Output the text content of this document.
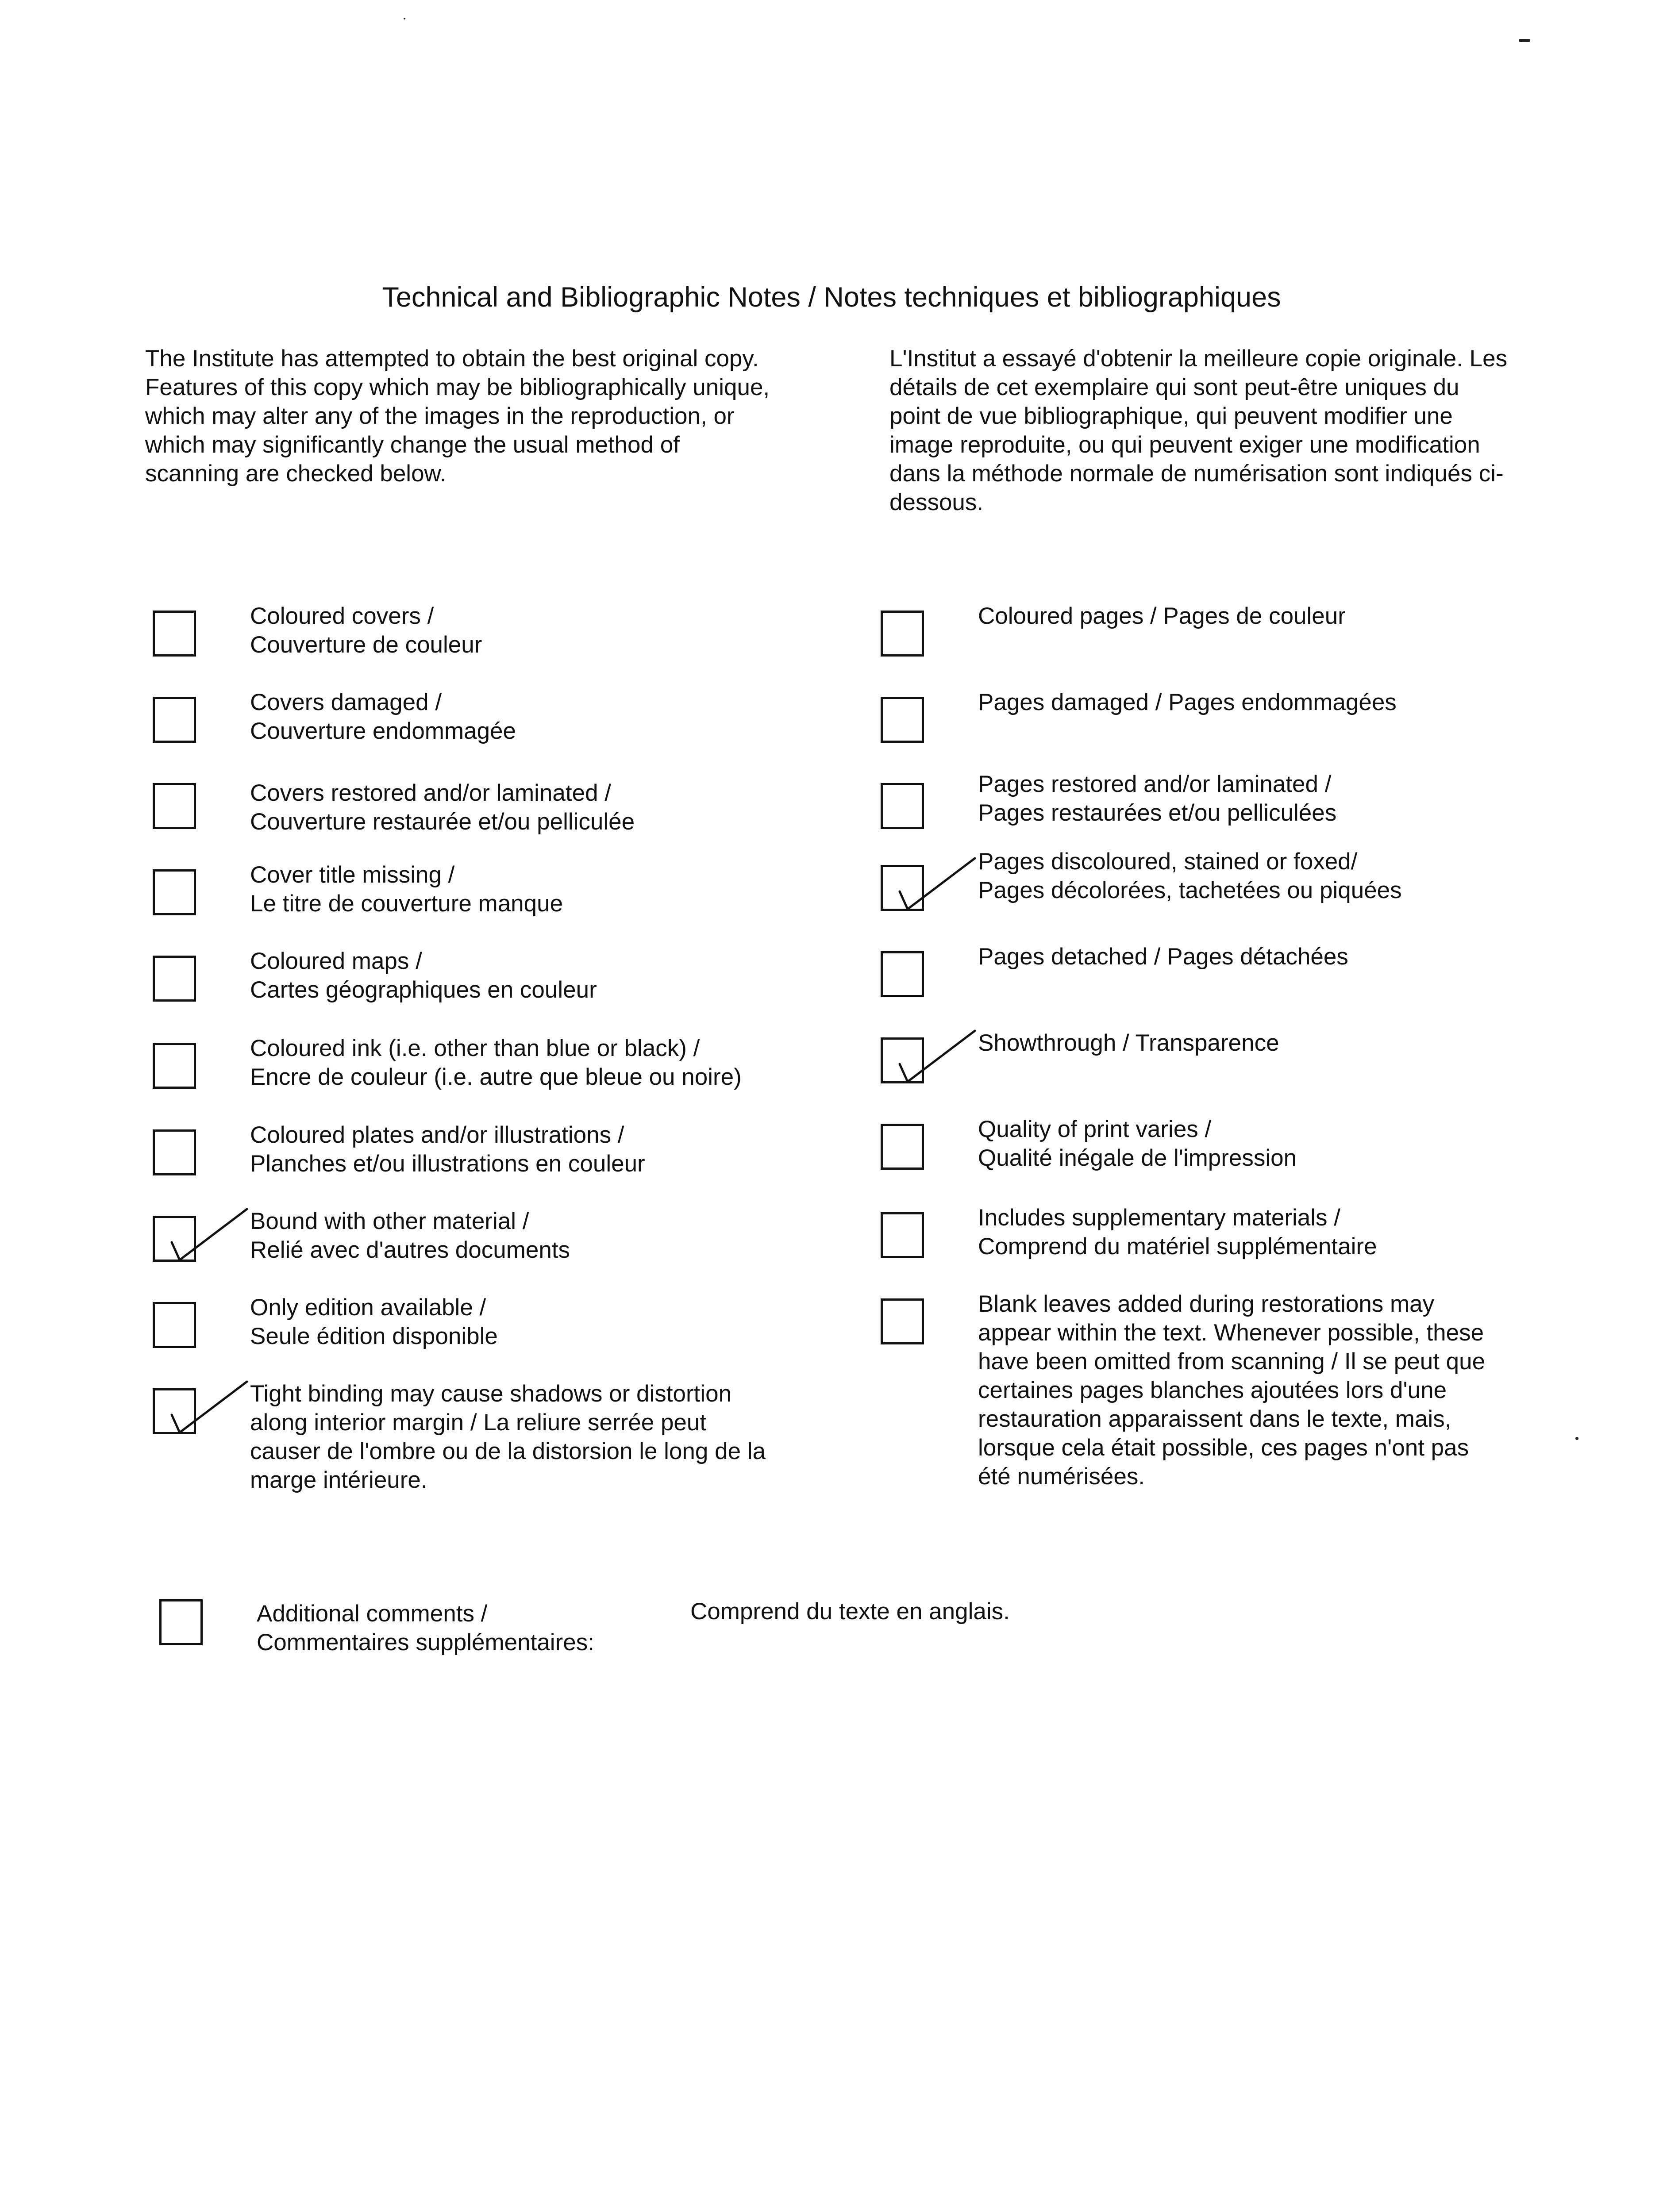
Technical and Bibliographic Notes / Notes techniques et bibliographiques
The Institute has attempted to obtain the best original copy.
Features of this copy which may be bibliographically unique,
which may alter any of the images in the reproduction, or
which may significantly change the usual method of
scanning are checked below.
L'Institut a essayé d'obtenir la meilleure copie originale. Les
détails de cet exemplaire qui sont peut-être uniques du
point de vue bibliographique, qui peuvent modifier une
image reproduite, ou qui peuvent exiger une modification
dans la méthode normale de numérisation sont indiqués ci-
dessous.
Coloured covers /
Couverture de couleur
Covers damaged /
Couverture endommagée
Covers restored and/or laminated /
Couverture restaurée et/ou pelliculée
Cover title missing /
Le titre de couverture manque
Coloured maps /
Cartes géographiques en couleur
Coloured ink (i.e. other than blue or black) /
Encre de couleur (i.e. autre que bleue ou noire)
Coloured plates and/or illustrations /
Planches et/ou illustrations en couleur
Bound with other material /
Relié avec d'autres documents
Only edition available /
Seule édition disponible
Tight binding may cause shadows or distortion
along interior margin / La reliure serrée peut
causer de l'ombre ou de la distorsion le long de la
marge intérieure.
Coloured pages / Pages de couleur
Pages damaged / Pages endommagées
Pages restored and/or laminated /
Pages restaurées et/ou pelliculées
Pages discoloured, stained or foxed/
Pages décolorées, tachetées ou piquées
Pages detached / Pages détachées
Showthrough / Transparence
Quality of print varies /
Qualité inégale de l'impression
Includes supplementary materials /
Comprend du matériel supplémentaire
Blank leaves added during restorations may
appear within the text. Whenever possible, these
have been omitted from scanning / Il se peut que
certaines pages blanches ajoutées lors d'une
restauration apparaissent dans le texte, mais,
lorsque cela était possible, ces pages n'ont pas
été numérisées.
Additional comments /
Commentaires supplémentaires:
Comprend du texte en anglais.
